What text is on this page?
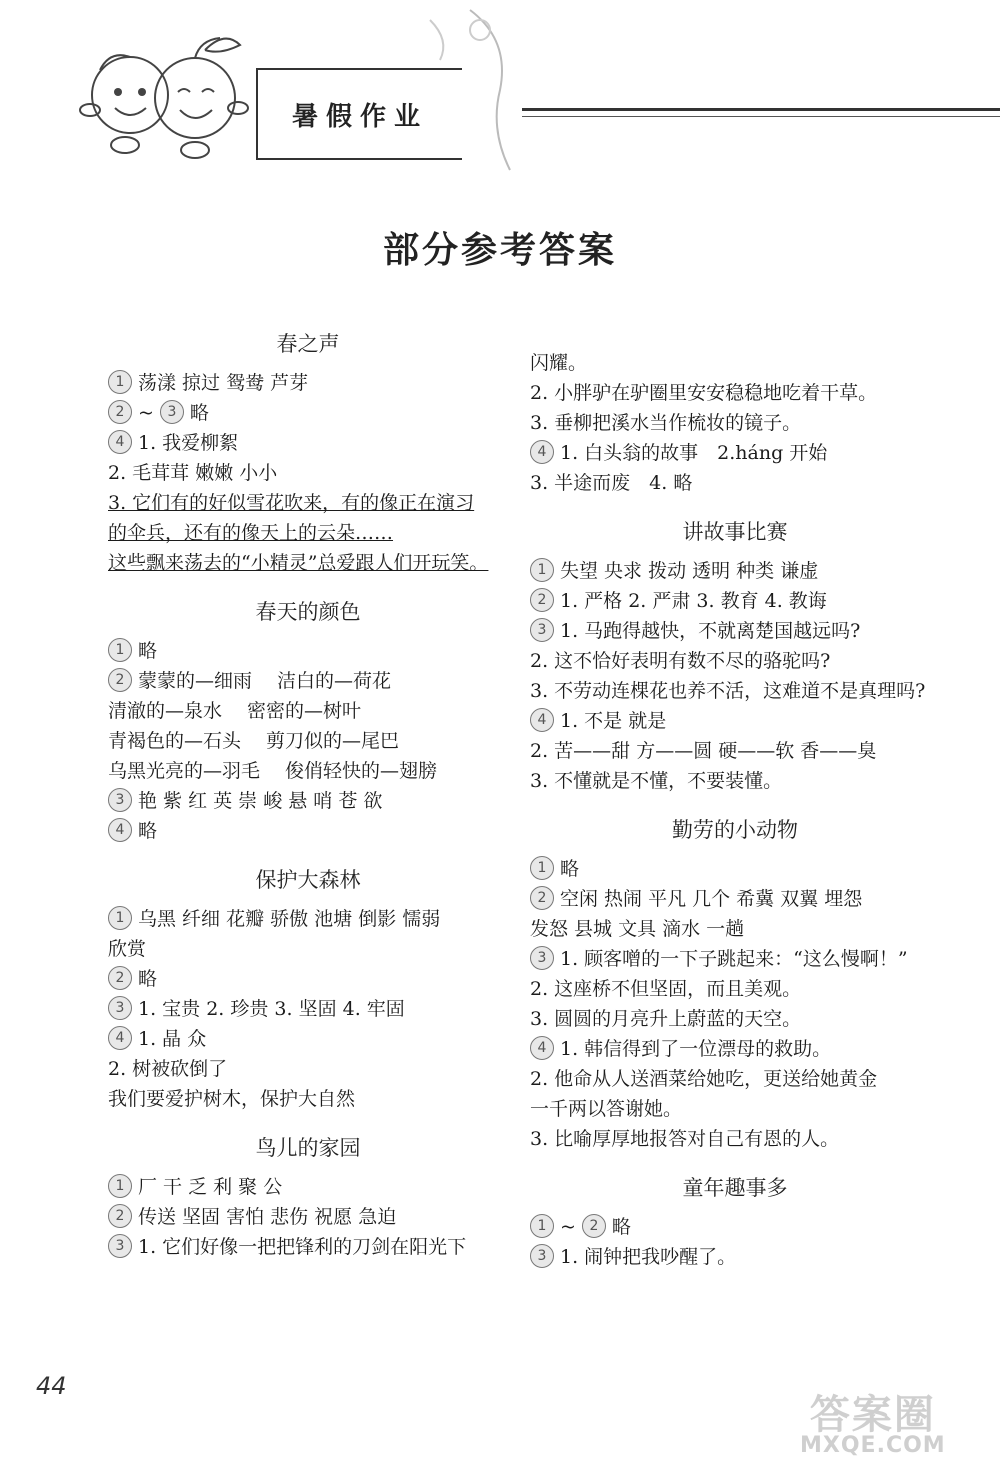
暑假作业
部分参考答案
春之声
1 荡漾 掠过 鸳鸯 芦芽
2 ~ 3 略
4 1. 我爱柳絮
2. 毛茸茸 嫩嫩 小小
3. 它们有的好似雪花吹来，有的像正在演习
的伞兵，还有的像天上的云朵……
这些飘来荡去的“小精灵”总爱跟人们开玩笑。
春天的颜色
1 略
2 蒙蒙的—细雨　 洁白的—荷花
清澈的—泉水　 密密的—树叶
青褐色的—石头　 剪刀似的—尾巴
乌黑光亮的—羽毛　 俊俏轻快的—翅膀
3 艳 紫 红 英 崇 峻 悬 哨 苍 欲
4 略
保护大森林
1 乌黑 纤细 花瓣 骄傲 池塘 倒影 懦弱
欣赏
2 略
3 1. 宝贵 2. 珍贵 3. 坚固 4. 牢固
4 1. 晶 众
2. 树被砍倒了
我们要爱护树木，保护大自然
鸟儿的家园
1 厂 干 乏 利 聚 公
2 传送 坚固 害怕 悲伤 祝愿 急迫
3 1. 它们好像一把把锋利的刀剑在阳光下
闪耀。
2. 小胖驴在驴圈里安安稳稳地吃着干草。
3. 垂柳把溪水当作梳妆的镜子。
4 1. 白头翁的故事　2.háng 开始
3. 半途而废　4. 略
讲故事比赛
1 失望 央求 拨动 透明 种类 谦虚
2 1. 严格 2. 严肃 3. 教育 4. 教诲
3 1. 马跑得越快，不就离楚国越远吗?
2. 这不恰好表明有数不尽的骆驼吗?
3. 不劳动连棵花也养不活，这难道不是真理吗?
4 1. 不是 就是
2. 苦——甜 方——圆 硬——软 香——臭
3. 不懂就是不懂，不要装懂。
勤劳的小动物
1 略
2 空闲 热闹 平凡 几个 希冀 双翼 埋怨
发怒 县城 文具 滴水 一趟
3 1. 顾客噌的一下子跳起来：“这么慢啊！”
2. 这座桥不但坚固，而且美观。
3. 圆圆的月亮升上蔚蓝的天空。
4 1. 韩信得到了一位漂母的救助。
2. 他命从人送酒菜给她吃，更送给她黄金
一千两以答谢她。
3. 比喻厚厚地报答对自己有恩的人。
童年趣事多
1 ~ 2 略
3 1. 闹钟把我吵醒了。
44
答案圈
MXQE.COM
